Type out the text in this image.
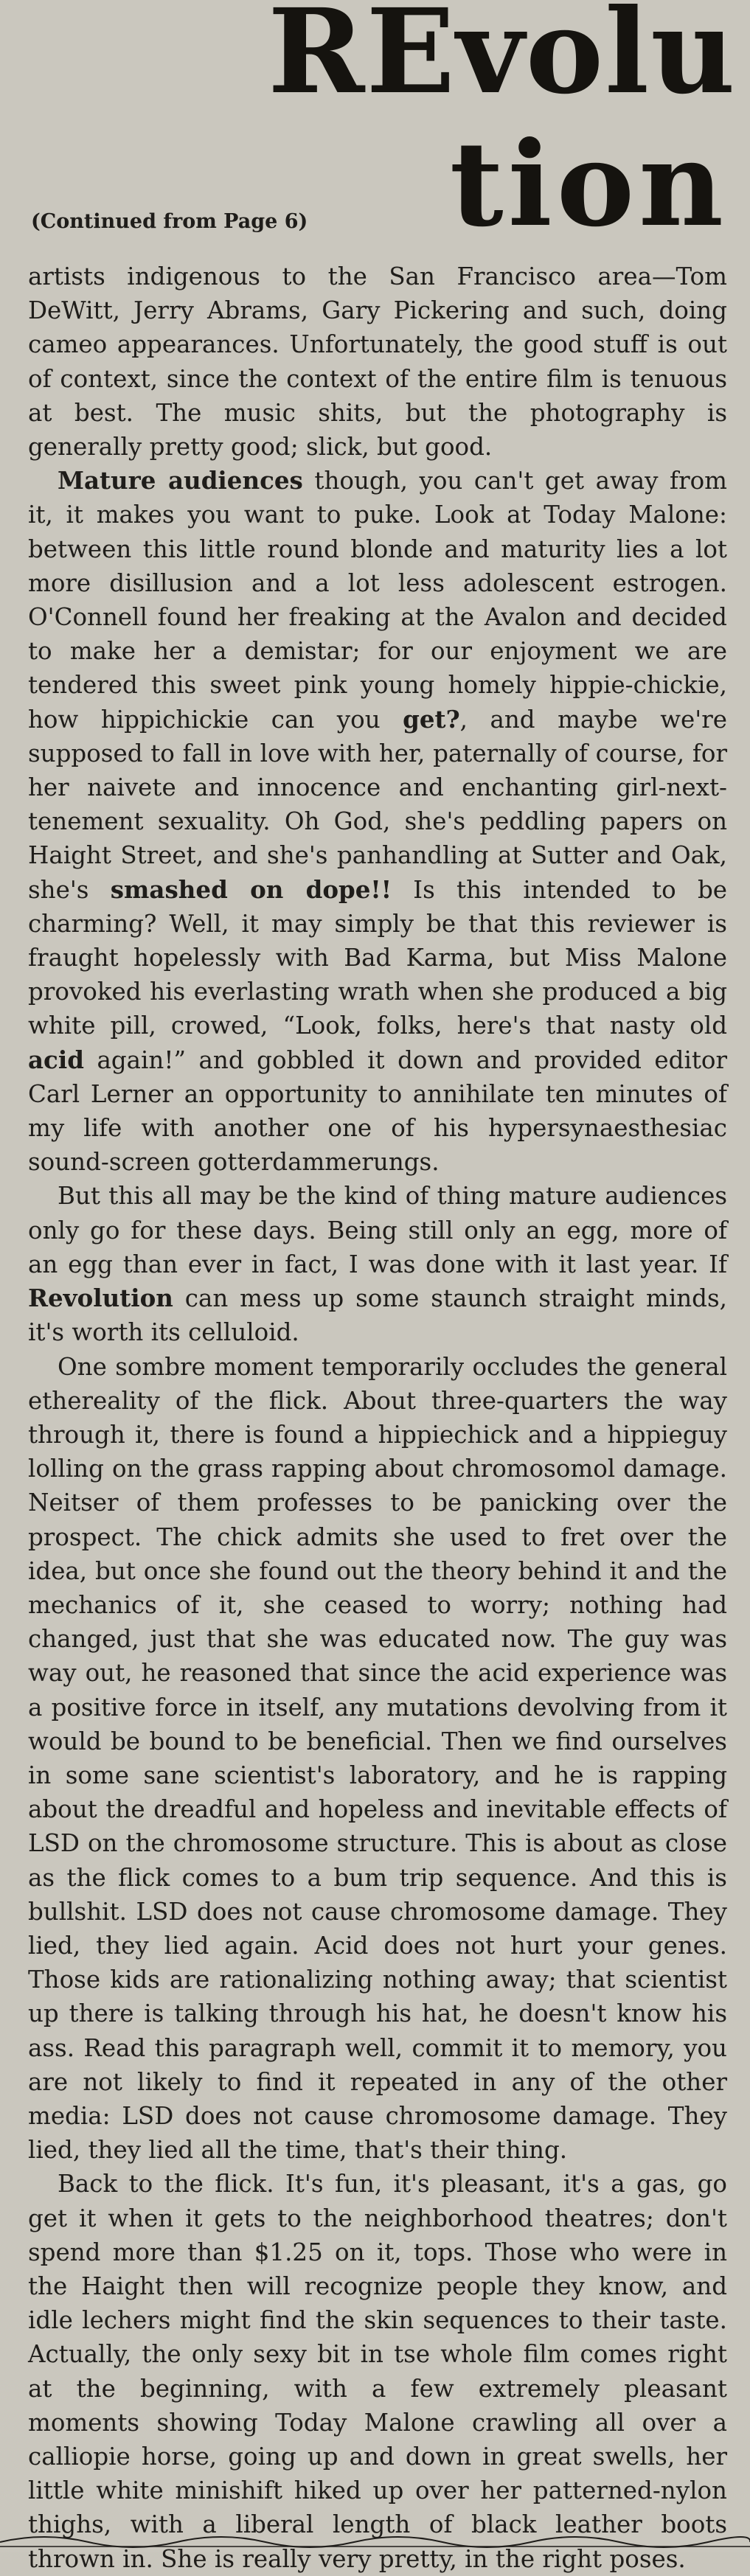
REvolu
tion
(Continued from Page 6)

artists indigenous to the San Francisco area—Tom DeWitt, Jerry Abrams, Gary Pickering and such, doing cameo appearances. Unfortunately, the good stuff is out of context, since the context of the entire film is tenuous at best. The music shits, but the photography is generally pretty good; slick, but good.

Mature audiences though, you can't get away from it, it makes you want to puke. Look at Today Malone: between this little round blonde and maturity lies a lot more disillusion and a lot less adolescent estrogen. O'Connell found her freaking at the Avalon and decided to make her a demistar; for our enjoyment we are tendered this sweet pink young homely hippie-chickie, how hippichickie can you get?, and maybe we're supposed to fall in love with her, paternally of course, for her naivete and innocence and enchanting girl-next-tenement sexuality. Oh God, she's peddling papers on Haight Street, and she's panhandling at Sutter and Oak, she's smashed on dope!! Is this intended to be charming? Well, it may simply be that this reviewer is fraught hopelessly with Bad Karma, but Miss Malone provoked his everlasting wrath when she produced a big white pill, crowed, “Look, folks, here's that nasty old acid again!” and gobbled it down and provided editor Carl Lerner an opportunity to annihilate ten minutes of my life with another one of his hypersynaesthesiac sound-screen gotterdammerungs.

But this all may be the kind of thing mature audiences only go for these days. Being still only an egg, more of an egg than ever in fact, I was done with it last year. If Revolution can mess up some staunch straight minds, it's worth its celluloid.

One sombre moment temporarily occludes the general ethereality of the flick. About three-quarters the way through it, there is found a hippiechick and a hippieguy lolling on the grass rapping about chromosomol damage. Neitser of them professes to be panicking over the prospect. The chick admits she used to fret over the idea, but once she found out the theory behind it and the mechanics of it, she ceased to worry; nothing had changed, just that she was educated now. The guy was way out, he reasoned that since the acid experience was a positive force in itself, any mutations devolving from it would be bound to be beneficial. Then we find ourselves in some sane scientist's laboratory, and he is rapping about the dreadful and hopeless and inevitable effects of LSD on the chromosome structure. This is about as close as the flick comes to a bum trip sequence. And this is bullshit. LSD does not cause chromosome damage. They lied, they lied again. Acid does not hurt your genes. Those kids are rationalizing nothing away; that scientist up there is talking through his hat, he doesn't know his ass. Read this paragraph well, commit it to memory, you are not likely to find it repeated in any of the other media: LSD does not cause chromosome damage. They lied, they lied all the time, that's their thing.

Back to the flick. It's fun, it's pleasant, it's a gas, go get it when it gets to the neighborhood theatres; don't spend more than $1.25 on it, tops. Those who were in the Haight then will recognize people they know, and idle lechers might find the skin sequences to their taste. Actually, the only sexy bit in tse whole film comes right at the beginning, with a few extremely pleasant moments showing Today Malone crawling all over a calliopie horse, going up and down in great swells, her little white minishift hiked up over her patterned-nylon thighs, with a liberal length of black leather boots thrown in. She is really very pretty, in the right poses.
